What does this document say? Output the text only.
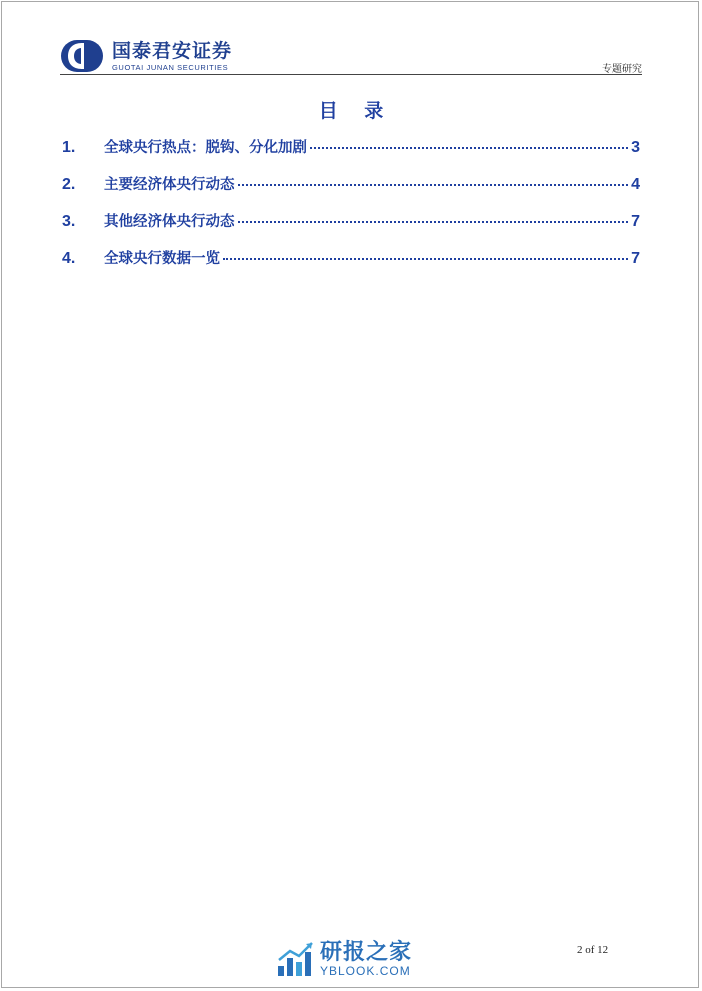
国泰君安证券
GUOTAI JUNAN SECURITIES	专题研究
目 录
1.	全球央行热点：脱钩、分化加剧	3
2.	主要经济体央行动态	4
3.	其他经济体央行动态	7
4.	全球央行数据一览	7
研报之家
YBLOOK.COM
2 of 12
